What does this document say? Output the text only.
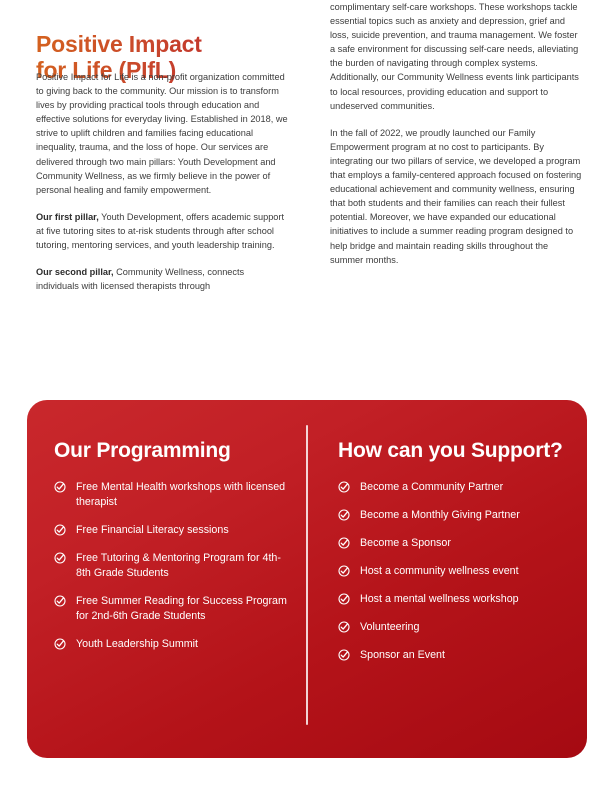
Positive Impact
for Life (PIfL)

Positive Impact for Life is a non-profit organization committed to giving back to the community. Our mission is to transform lives by providing practical tools through education and effective solutions for everyday living. Established in 2018, we strive to uplift children and families facing educational inequality, trauma, and the loss of hope. Our services are delivered through two main pillars: Youth Development and Community Wellness, as we firmly believe in the power of personal healing and family empowerment.

Our first pillar, Youth Development, offers academic support at five tutoring sites to at-risk students through after school tutoring, mentoring services, and youth leadership training.

Our second pillar, Community Wellness, connects individuals with licensed therapists through

complimentary self-care workshops. These workshops tackle essential topics such as anxiety and depression, grief and loss, suicide prevention, and trauma management. We foster a safe environment for discussing self-care needs, alleviating the burden of navigating through complex systems. Additionally, our Community Wellness events link participants to local resources, providing education and support to undeserved communities.

In the fall of 2022, we proudly launched our Family Empowerment program at no cost to participants. By integrating our two pillars of service, we developed a program that employs a family-centered approach focused on fostering educational achievement and community wellness, ensuring that both students and their families can reach their fullest potential. Moreover, we have expanded our educational initiatives to include a summer reading program designed to help bridge and maintain reading skills throughout the summer months.

Our Programming
Free Mental Health workshops with licensed therapist
Free Financial Literacy sessions
Free Tutoring & Mentoring Program for 4th-8th Grade Students
Free Summer Reading for Success Program for 2nd-6th Grade Students
Youth Leadership Summit
How can you Support?
Become a Community Partner
Become a Monthly Giving Partner
Become a Sponsor
Host a community wellness event
Host a mental wellness workshop
Volunteering
Sponsor an Event
